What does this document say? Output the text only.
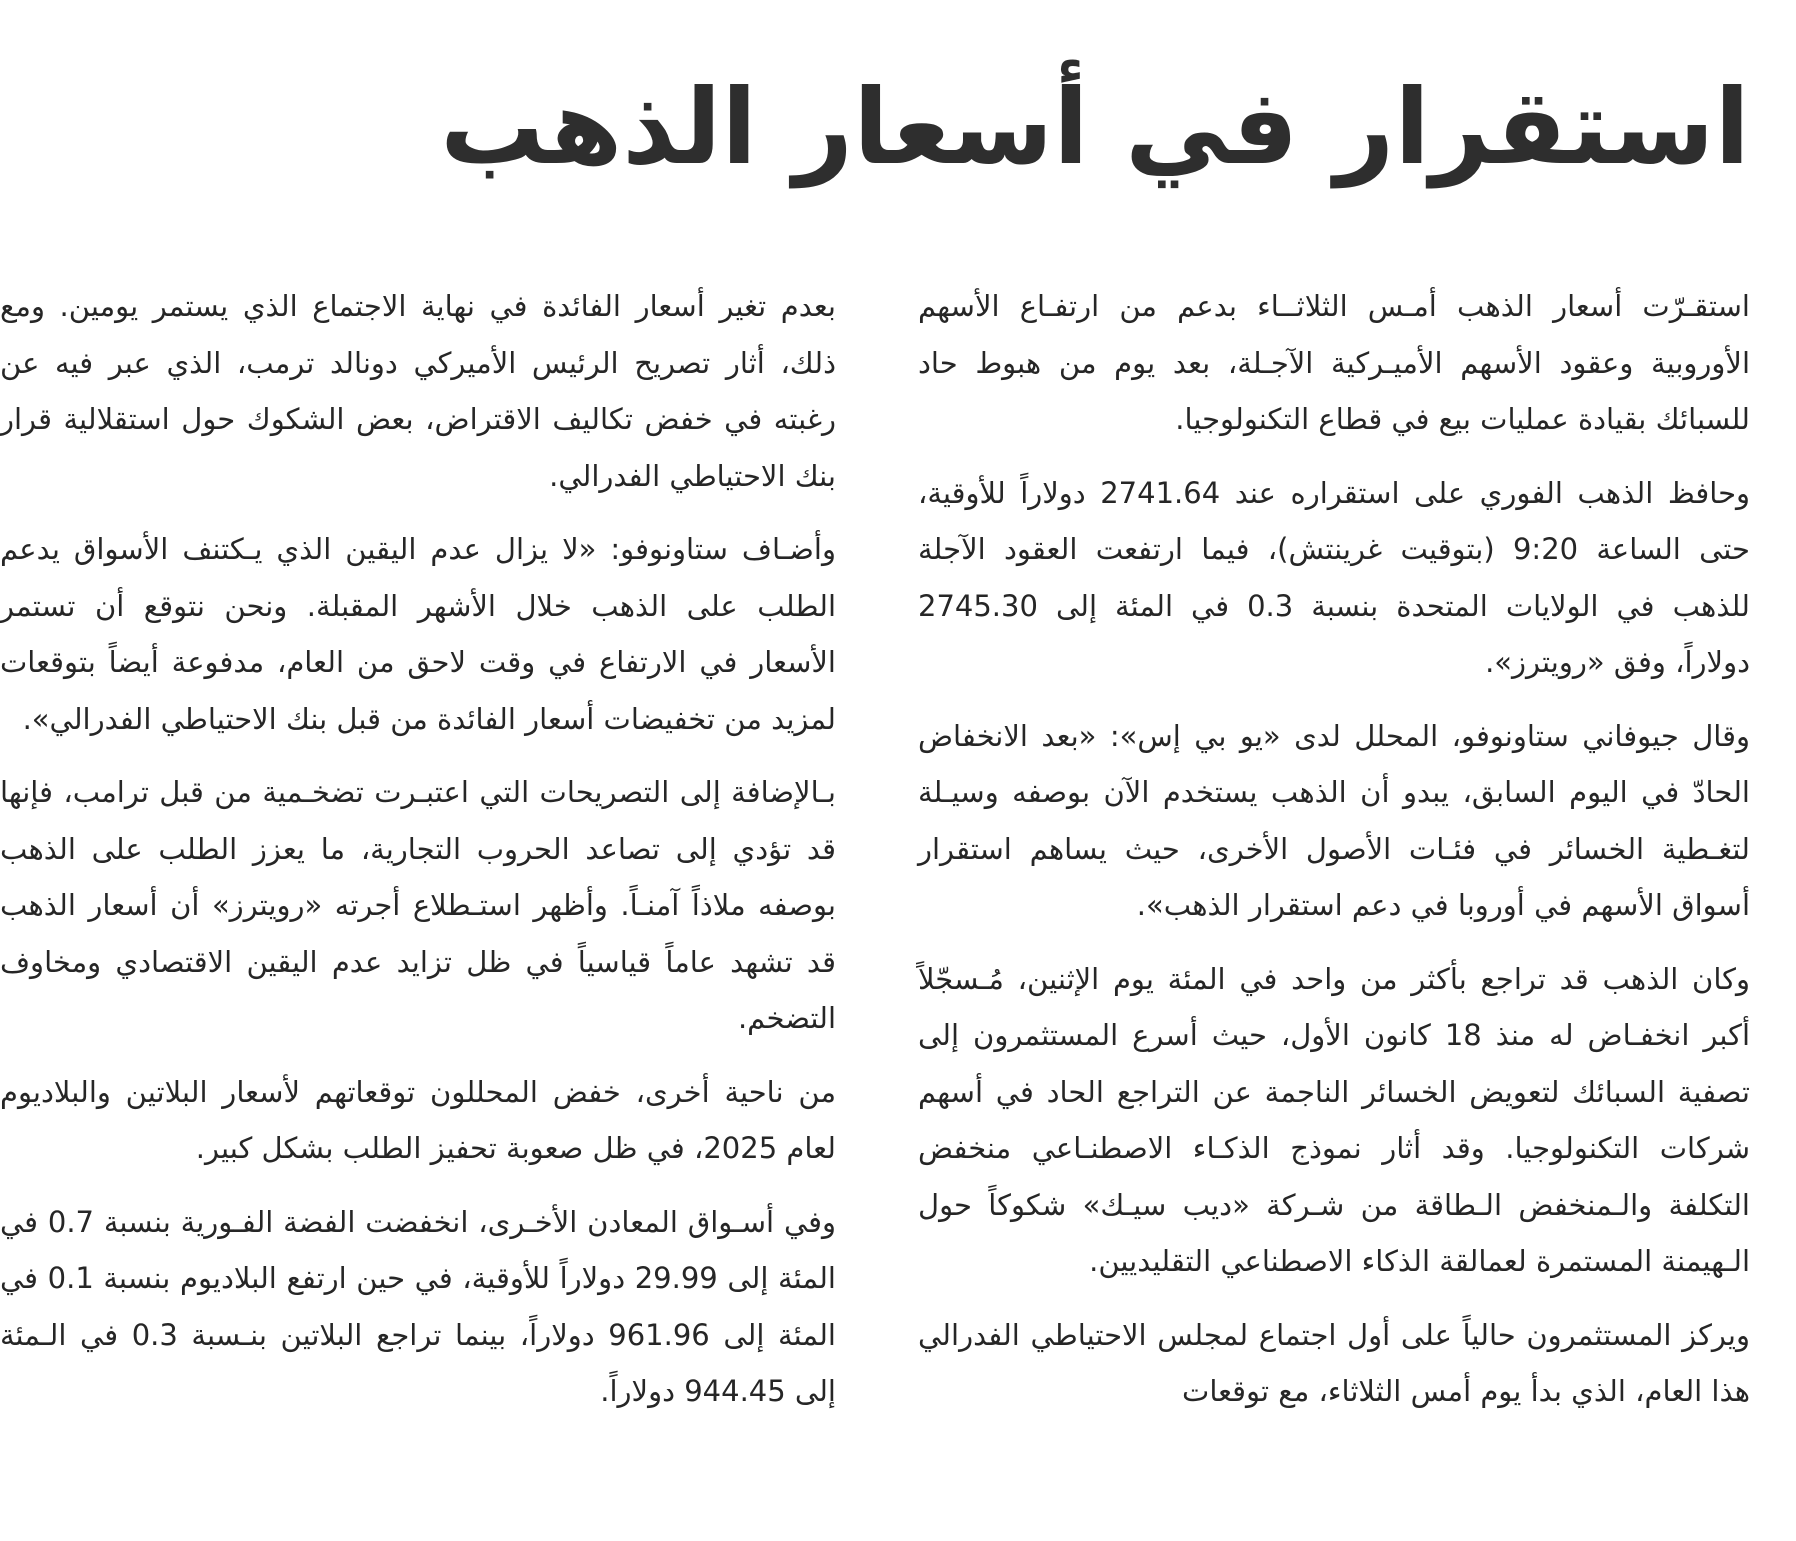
استقرار في أسعار الذهب

استقـرّت أسعار الذهب أمـس الثلاثــاء بدعم من ارتفـاع الأسهم الأوروبية وعقود الأسهم الأميـركية الآجـلة، بعد يوم من هبوط حاد للسبائك بقيادة عمليات بيع في قطاع التكنولوجيا.

وحافظ الذهب الفوري على استقراره عند 2741.64 دولاراً للأوقية، حتى الساعة 9:20 (بتوقيت غرينتش)، فيما ارتفعت العقود الآجلة للذهب في الولايات المتحدة بنسبة 0.3 في المئة إلى 2745.30 دولاراً، وفق «رويترز».

وقال جيوفاني ستاونوفو، المحلل لدى «يو بي إس»: «بعد الانخفاض الحادّ في اليوم السابق، يبدو أن الذهب يستخدم الآن بوصفه وسيـلة لتغـطية الخسائر في فئـات الأصول الأخرى، حيث يساهم استقرار أسواق الأسهم في أوروبا في دعم استقرار الذهب».

وكان الذهب قد تراجع بأكثر من واحد في المئة يوم الإثنين، مُـسجّلاً أكبر انخفـاض له منذ 18 كانون الأول، حيث أسرع المستثمرون إلى تصفية السبائك لتعويض الخسائر الناجمة عن التراجع الحاد في أسهم شركات التكنولوجيا. وقد أثار نموذج الذكـاء الاصطنـاعي منخفض التكلفة والـمنخفض الـطاقة من شـركة «ديب سيـك» شكوكاً حول الـهيمنة المستمرة لعمالقة الذكاء الاصطناعي التقليديين.

ويركز المستثمرون حالياً على أول اجتماع لمجلس الاحتياطي الفدرالي هذا العام، الذي بدأ يوم أمس الثلاثاء، مع توقعات

بعدم تغير أسعار الفائدة في نهاية الاجتماع الذي يستمر يومين. ومع ذلك، أثار تصريح الرئيس الأميركي دونالد ترمب، الذي عبر فيه عن رغبته في خفض تكاليف الاقتراض، بعض الشكوك حول استقلالية قرار بنك الاحتياطي الفدرالي.

وأضـاف ستاونوفو: «لا يزال عدم اليقين الذي يـكتنف الأسواق يدعم الطلب على الذهب خلال الأشهر المقبلة. ونحن نتوقع أن تستمر الأسعار في الارتفاع في وقت لاحق من العام، مدفوعة أيضاً بتوقعات لمزيد من تخفيضات أسعار الفائدة من قبل بنك الاحتياطي الفدرالي».

بـالإضافة إلى التصريحات التي اعتبـرت تضخـمية من قبل ترامب، فإنها قد تؤدي إلى تصاعد الحروب التجارية، ما يعزز الطلب على الذهب بوصفه ملاذاً آمنـاً. وأظهر استـطلاع أجرته «رويترز» أن أسعار الذهب قد تشهد عاماً قياسياً في ظل تزايد عدم اليقين الاقتصادي ومخاوف التضخم.

من ناحية أخرى، خفض المحللون توقعاتهم لأسعار البلاتين والبلاديوم لعام 2025، في ظل صعوبة تحفيز الطلب بشكل كبير.

وفي أسـواق المعادن الأخـرى، انخفضت الفضة الفـورية بنسبة 0.7 في المئة إلى 29.99 دولاراً للأوقية، في حين ارتفع البلاديوم بنسبة 0.1 في المئة إلى 961.96 دولاراً، بينما تراجع البلاتين بنـسبة 0.3 في الـمئة إلى 944.45 دولاراً.
